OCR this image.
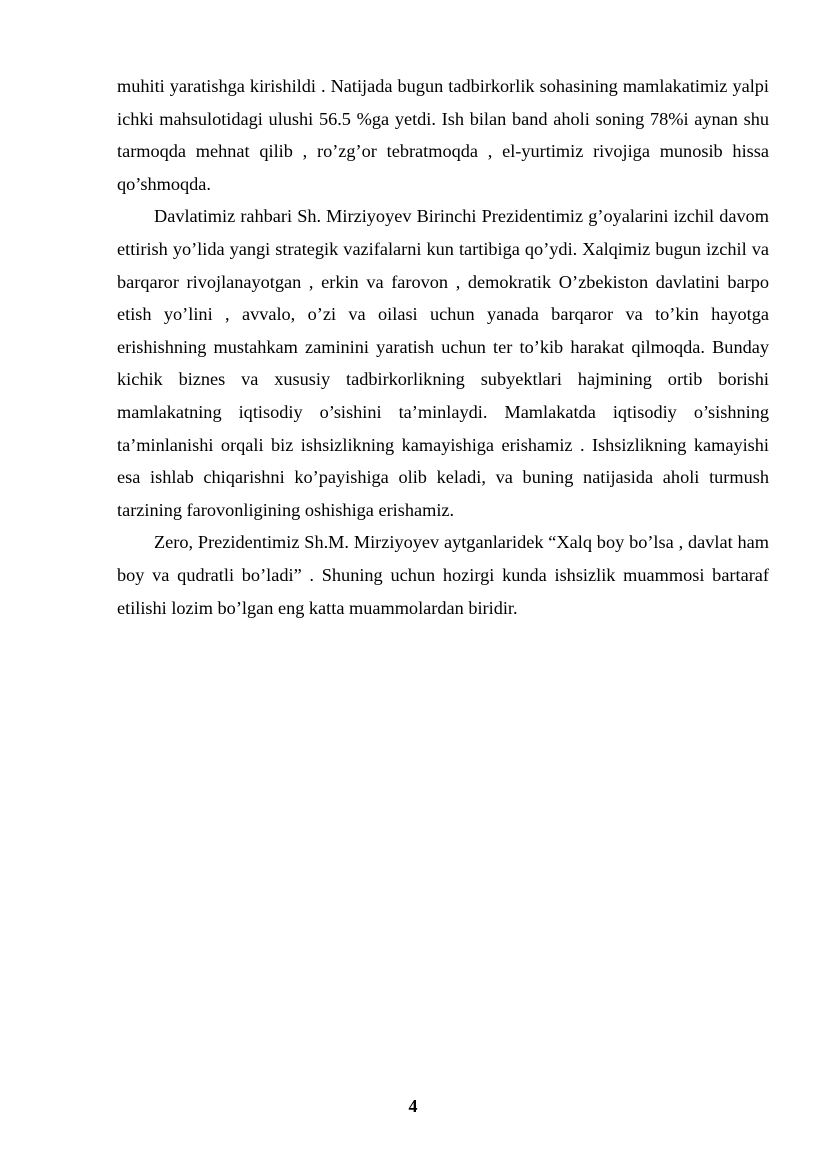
muhiti yaratishga kirishildi . Natijada bugun tadbirkorlik sohasining mamlakatimiz yalpi ichki mahsulotidagi ulushi 56.5 %ga yetdi. Ish bilan band aholi soning 78%i aynan shu tarmoqda mehnat qilib , ro’zg’or tebratmoqda , el-yurtimiz rivojiga munosib hissa qo’shmoqda.

Davlatimiz rahbari Sh. Mirziyoyev Birinchi Prezidentimiz g’oyalarini izchil davom ettirish yo’lida yangi strategik vazifalarni kun tartibiga qo’ydi. Xalqimiz bugun izchil va barqaror rivojlanayotgan , erkin va farovon , demokratik O’zbekiston davlatini barpo etish yo’lini , avvalo, o’zi va oilasi uchun yanada barqaror va to’kin hayotga erishishning mustahkam zaminini yaratish uchun ter to’kib harakat qilmoqda. Bunday kichik biznes va xususiy tadbirkorlikning subyektlari hajmining ortib borishi mamlakatning iqtisodiy o’sishini ta’minlaydi. Mamlakatda iqtisodiy o’sishning ta’minlanishi orqali biz ishsizlikning kamayishiga erishamiz . Ishsizlikning kamayishi esa ishlab chiqarishni ko’payishiga olib keladi, va buning natijasida aholi turmush tarzining farovonligining oshishiga erishamiz.

Zero, Prezidentimiz Sh.M. Mirziyoyev aytganlaridek “Xalq boy bo’lsa , davlat ham boy va qudratli bo’ladi” . Shuning uchun hozirgi kunda ishsizlik muammosi bartaraf etilishi lozim bo’lgan eng katta muammolardan biridir.

4
